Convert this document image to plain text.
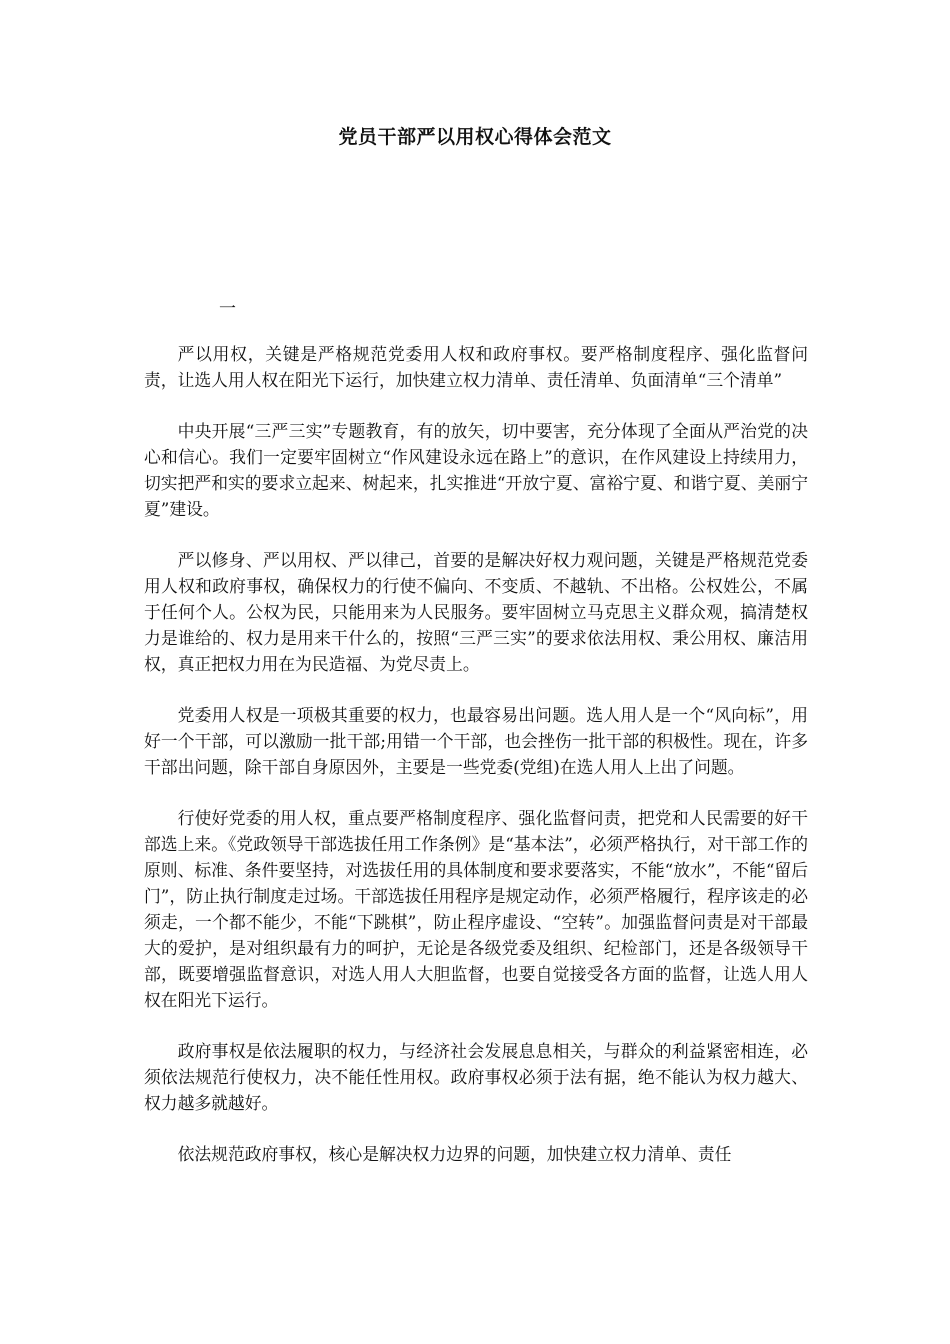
党员干部严以用权心得体会范文
一

严以用权，关键是严格规范党委用人权和政府事权。要严格制度程序、强化监督问责，让选人用人权在阳光下运行，加快建立权力清单、责任清单、负面清单“三个清单”

中央开展“三严三实”专题教育，有的放矢，切中要害，充分体现了全面从严治党的决心和信心。我们一定要牢固树立“作风建设永远在路上”的意识，在作风建设上持续用力，切实把严和实的要求立起来、树起来，扎实推进“开放宁夏、富裕宁夏、和谐宁夏、美丽宁夏”建设。

严以修身、严以用权、严以律己，首要的是解决好权力观问题，关键是严格规范党委用人权和政府事权，确保权力的行使不偏向、不变质、不越轨、不出格。公权姓公，不属于任何个人。公权为民，只能用来为人民服务。要牢固树立马克思主义群众观，搞清楚权力是谁给的、权力是用来干什么的，按照“三严三实”的要求依法用权、秉公用权、廉洁用权，真正把权力用在为民造福、为党尽责上。

党委用人权是一项极其重要的权力，也最容易出问题。选人用人是一个“风向标”，用好一个干部，可以激励一批干部;用错一个干部，也会挫伤一批干部的积极性。现在，许多干部出问题，除干部自身原因外，主要是一些党委(党组)在选人用人上出了问题。

行使好党委的用人权，重点要严格制度程序、强化监督问责，把党和人民需要的好干部选上来。《党政领导干部选拔任用工作条例》是“基本法”，必须严格执行，对干部工作的原则、标准、条件要坚持，对选拔任用的具体制度和要求要落实，不能“放水”，不能“留后门”，防止执行制度走过场。干部选拔任用程序是规定动作，必须严格履行，程序该走的必须走，一个都不能少，不能“下跳棋”，防止程序虚设、“空转”。加强监督问责是对干部最大的爱护，是对组织最有力的呵护，无论是各级党委及组织、纪检部门，还是各级领导干部，既要增强监督意识，对选人用人大胆监督，也要自觉接受各方面的监督，让选人用人权在阳光下运行。

政府事权是依法履职的权力，与经济社会发展息息相关，与群众的利益紧密相连，必须依法规范行使权力，决不能任性用权。政府事权必须于法有据，绝不能认为权力越大、权力越多就越好。

依法规范政府事权，核心是解决权力边界的问题，加快建立权力清单、责任
